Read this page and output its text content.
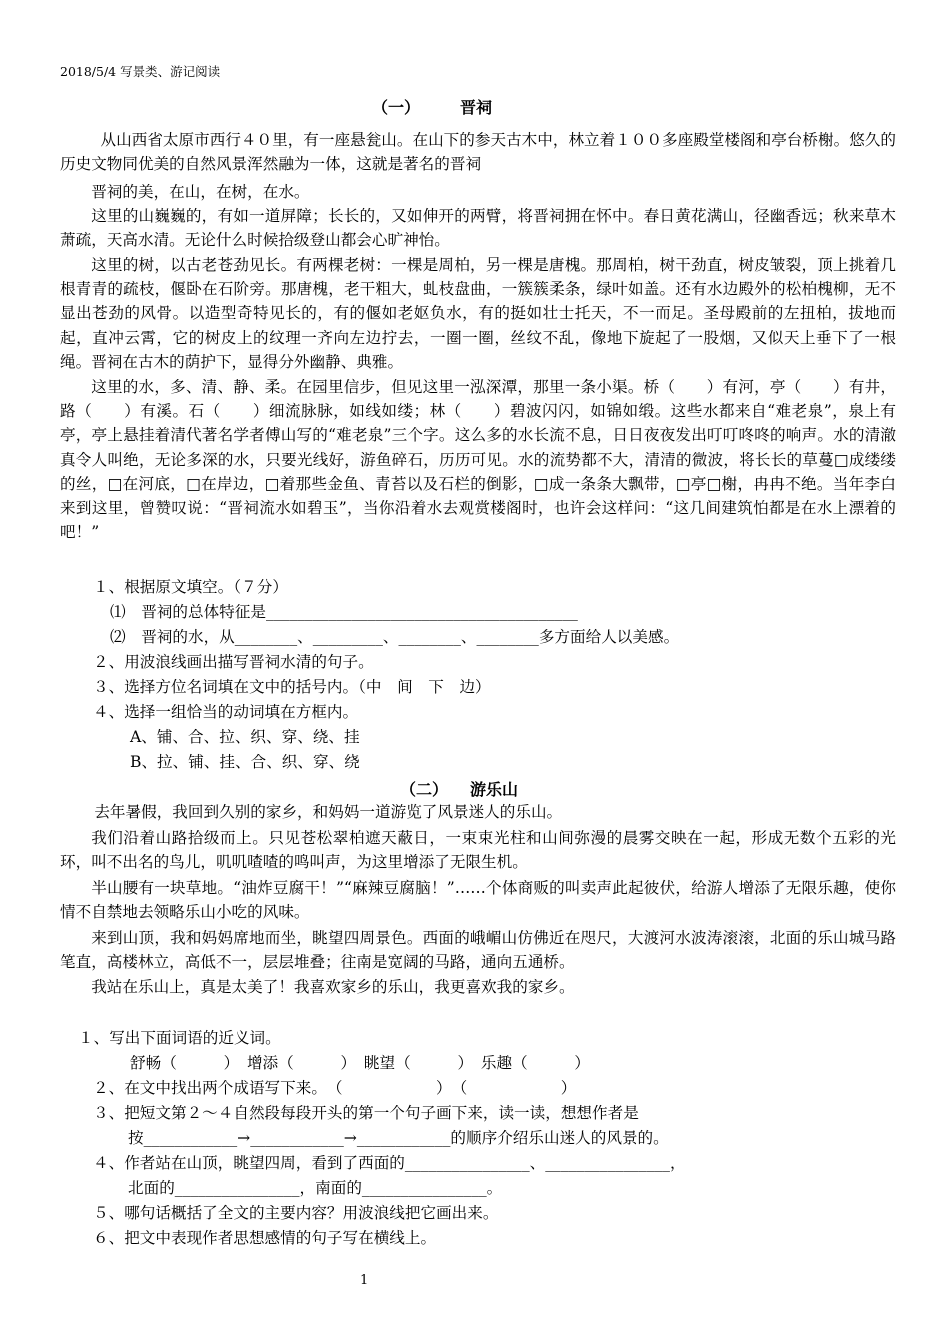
2018/5/4 写景类、游记阅读
（一）	晋祠
从山西省太原市西行４０里，有一座悬瓮山。在山下的参天古木中，林立着１００多座殿堂楼阁和亭台桥榭。悠久的历史文物同优美的自然风景浑然融为一体，这就是著名的晋祠
晋祠的美，在山，在树，在水。
这里的山巍巍的，有如一道屏障；长长的，又如伸开的两臂，将晋祠拥在怀中。春日黄花满山，径幽香远；秋来草木萧疏，天高水清。无论什么时候拾级登山都会心旷神怡。
这里的树，以古老苍劲见长。有两棵老树：一棵是周柏，另一棵是唐槐。那周柏，树干劲直，树皮皱裂，顶上挑着几根青青的疏枝，偃卧在石阶旁。那唐槐，老干粗大，虬枝盘曲，一簇簇柔条，绿叶如盖。还有水边殿外的松柏槐柳，无不显出苍劲的风骨。以造型奇特见长的，有的偃如老妪负水，有的挺如壮士托天，不一而足。圣母殿前的左扭柏，拔地而起，直冲云霄，它的树皮上的纹理一齐向左边拧去，一圈一圈，丝纹不乱，像地下旋起了一股烟，又似天上垂下了一根绳。晋祠在古木的荫护下，显得分外幽静、典雅。
这里的水，多、清、静、柔。在园里信步，但见这里一泓深潭，那里一条小渠。桥（　　）有河，亭（　　）有井，路（　　）有溪。石（　　）细流脉脉，如线如缕；林（　　）碧波闪闪，如锦如缎。这些水都来自“难老泉”，泉上有亭，亭上悬挂着清代著名学者傅山写的“难老泉”三个字。这么多的水长流不息，日日夜夜发出叮叮咚咚的响声。水的清澈真令人叫绝，无论多深的水，只要光线好，游鱼碎石，历历可见。水的流势都不大，清清的微波，将长长的草蔓□成缕缕的丝，□在河底，□在岸边，□着那些金鱼、青苔以及石栏的倒影，□成一条条大飘带，□亭□榭，冉冉不绝。当年李白来到这里，曾赞叹说：“晋祠流水如碧玉”，当你沿着水去观赏楼阁时，也许会这样问：“这几间建筑怕都是在水上漂着的吧！”
１、根据原文填空。（７分）
⑴　晋祠的总体特征是________________________________________
⑵　晋祠的水，从________、_________、________、________多方面给人以美感。
２、用波浪线画出描写晋祠水清的句子。
３、选择方位名词填在文中的括号内。（中　间　下　边）
４、选择一组恰当的动词填在方框内。
A、铺、合、拉、织、穿、绕、挂
B、拉、铺、挂、合、织、穿、绕
（二） 游乐山
去年暑假，我回到久别的家乡，和妈妈一道游览了风景迷人的乐山。
我们沿着山路拾级而上。只见苍松翠柏遮天蔽日，一束束光柱和山间弥漫的晨雾交映在一起，形成无数个五彩的光环，叫不出名的鸟儿，叽叽喳喳的鸣叫声，为这里增添了无限生机。
半山腰有一块草地。“油炸豆腐干！”“麻辣豆腐脑！”……个体商贩的叫卖声此起彼伏，给游人增添了无限乐趣，使你情不自禁地去领略乐山小吃的风味。
来到山顶，我和妈妈席地而坐，眺望四周景色。西面的峨嵋山仿佛近在咫尺，大渡河水波涛滚滚，北面的乐山城马路笔直，高楼林立，高低不一，层层堆叠；往南是宽阔的马路，通向五通桥。
我站在乐山上，真是太美了！我喜欢家乡的乐山，我更喜欢我的家乡。
１、写出下面词语的近义词。
舒畅（　　　）　增添（　　　）　眺望（　　　）　乐趣（　　　）
２、在文中找出两个成语写下来。　（　　　　　　）　（　　　　　　）
３、把短文第２～４自然段每段开头的第一个句子画下来，读一读，想想作者是
按____________→____________→____________的顺序介绍乐山迷人的风景的。
４、作者站在山顶，眺望四周，看到了西面的________________、________________，
北面的________________，南面的________________。
５、哪句话概括了全文的主要内容？用波浪线把它画出来。
６、把文中表现作者思想感情的句子写在横线上。
1
